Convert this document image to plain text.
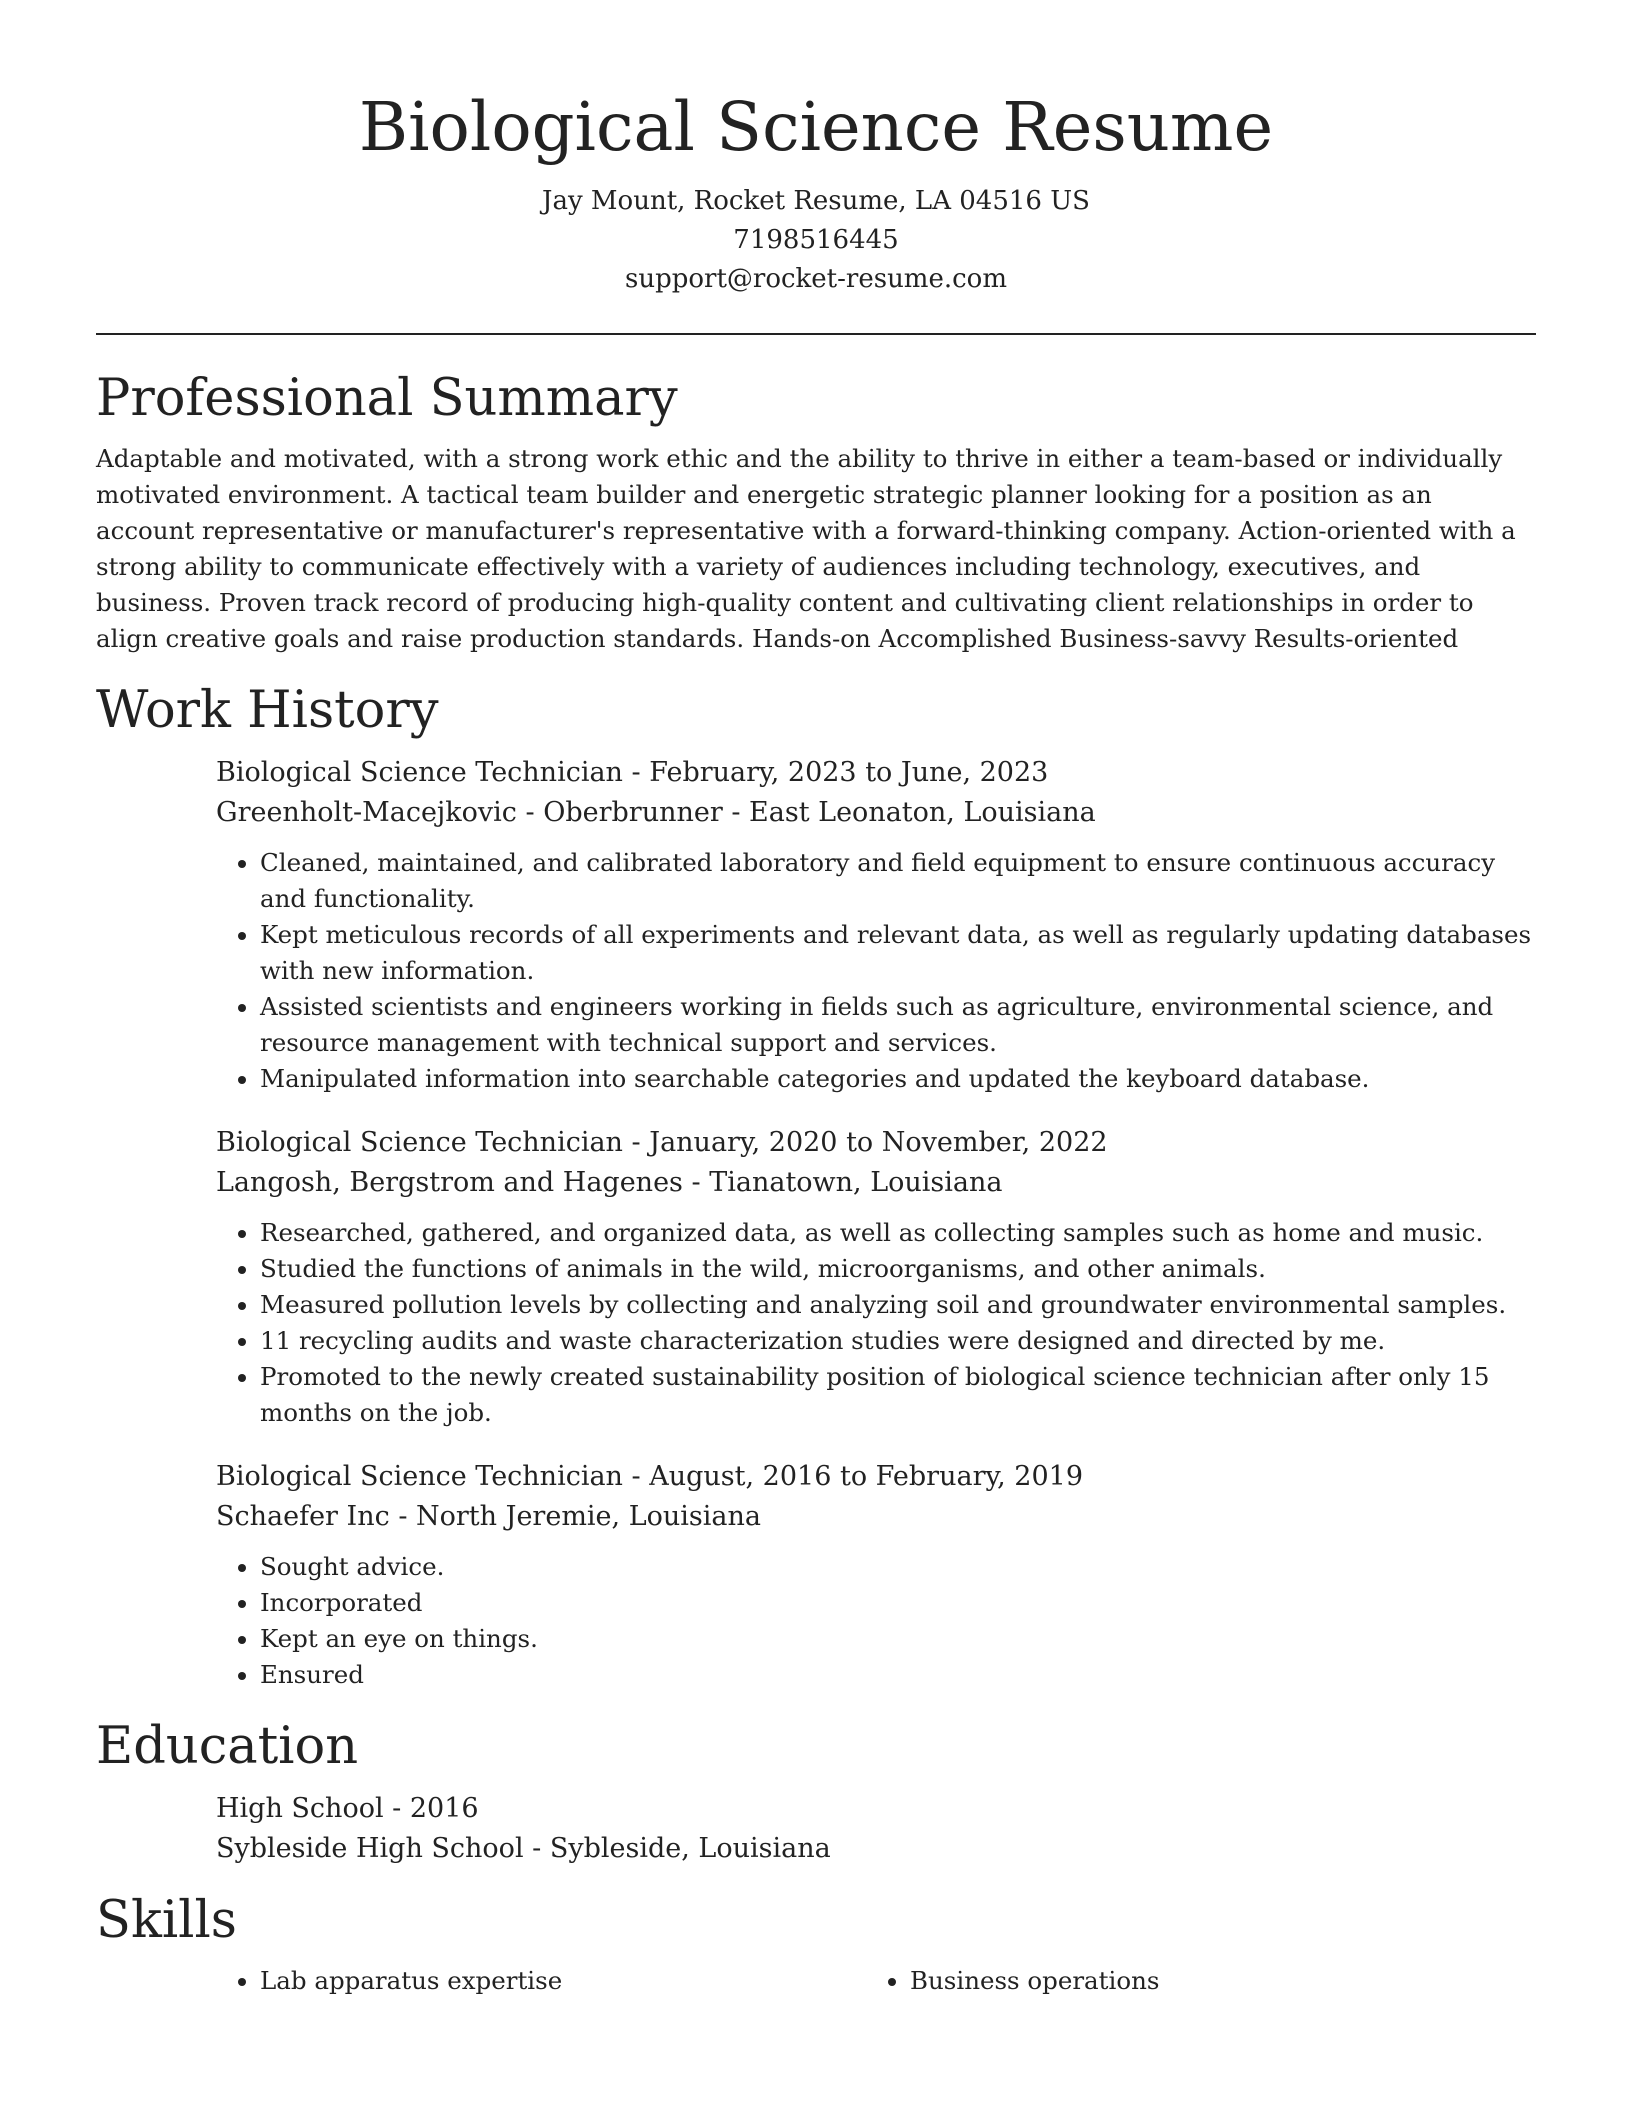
Biological Science Resume
Jay Mount, Rocket Resume, LA 04516 US
7198516445
support@rocket-resume.com
Professional Summary

Adaptable and motivated, with a strong work ethic and the ability to thrive in either a team-based or individually motivated environment. A tactical team builder and energetic strategic planner looking for a position as an account representative or manufacturer's representative with a forward-thinking company. Action-oriented with a strong ability to communicate effectively with a variety of audiences including technology, executives, and business. Proven track record of producing high-quality content and cultivating client relationships in order to align creative goals and raise production standards. Hands-on Accomplished Business-savvy Results-oriented

Work History
Biological Science Technician - February, 2023 to June, 2023
Greenholt-Macejkovic - Oberbrunner - East Leonaton, Louisiana
• Cleaned, maintained, and calibrated laboratory and field equipment to ensure continuous accuracy and functionality.
• Kept meticulous records of all experiments and relevant data, as well as regularly updating databases with new information.
• Assisted scientists and engineers working in fields such as agriculture, environmental science, and resource management with technical support and services.
• Manipulated information into searchable categories and updated the keyboard database.
Biological Science Technician - January, 2020 to November, 2022
Langosh, Bergstrom and Hagenes - Tianatown, Louisiana
• Researched, gathered, and organized data, as well as collecting samples such as home and music.
• Studied the functions of animals in the wild, microorganisms, and other animals.
• Measured pollution levels by collecting and analyzing soil and groundwater environmental samples.
• 11 recycling audits and waste characterization studies were designed and directed by me.
• Promoted to the newly created sustainability position of biological science technician after only 15 months on the job.
Biological Science Technician - August, 2016 to February, 2019
Schaefer Inc - North Jeremie, Louisiana
• Sought advice.
• Incorporated
• Kept an eye on things.
• Ensured
Education
High School - 2016
Sybleside High School - Sybleside, Louisiana
Skills
• Lab apparatus expertise
•	Business operations
